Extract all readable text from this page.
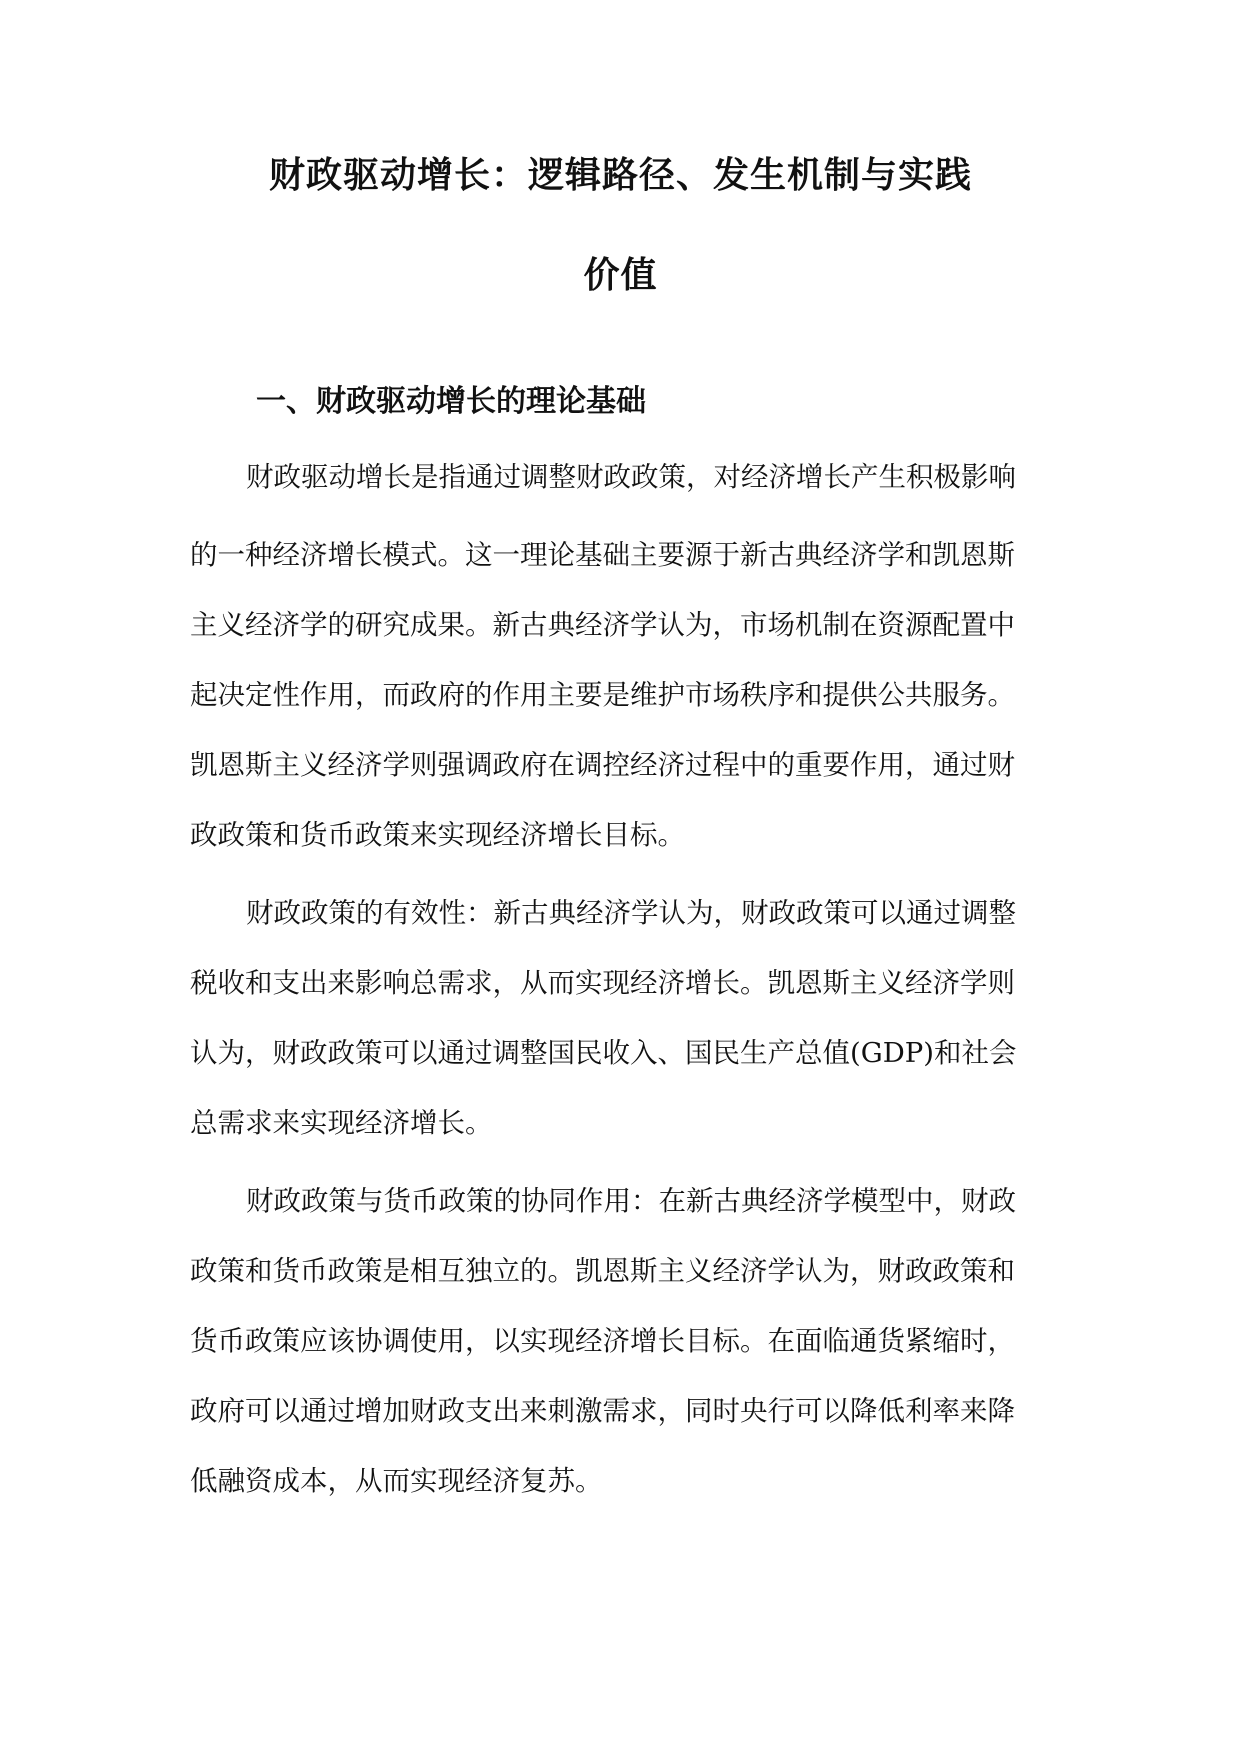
财政驱动增长：逻辑路径、发生机制与实践
价值
一、财政驱动增长的理论基础
财政驱动增长是指通过调整财政政策，对经济增长产生积极影响
的一种经济增长模式。这一理论基础主要源于新古典经济学和凯恩斯
主义经济学的研究成果。新古典经济学认为，市场机制在资源配置中
起决定性作用，而政府的作用主要是维护市场秩序和提供公共服务。
凯恩斯主义经济学则强调政府在调控经济过程中的重要作用，通过财
政政策和货币政策来实现经济增长目标。
财政政策的有效性：新古典经济学认为，财政政策可以通过调整
税收和支出来影响总需求，从而实现经济增长。凯恩斯主义经济学则
认为，财政政策可以通过调整国民收入、国民生产总值(GDP)和社会
总需求来实现经济增长。
财政政策与货币政策的协同作用：在新古典经济学模型中，财政
政策和货币政策是相互独立的。凯恩斯主义经济学认为，财政政策和
货币政策应该协调使用，以实现经济增长目标。在面临通货紧缩时，
政府可以通过增加财政支出来刺激需求，同时央行可以降低利率来降
低融资成本，从而实现经济复苏。
